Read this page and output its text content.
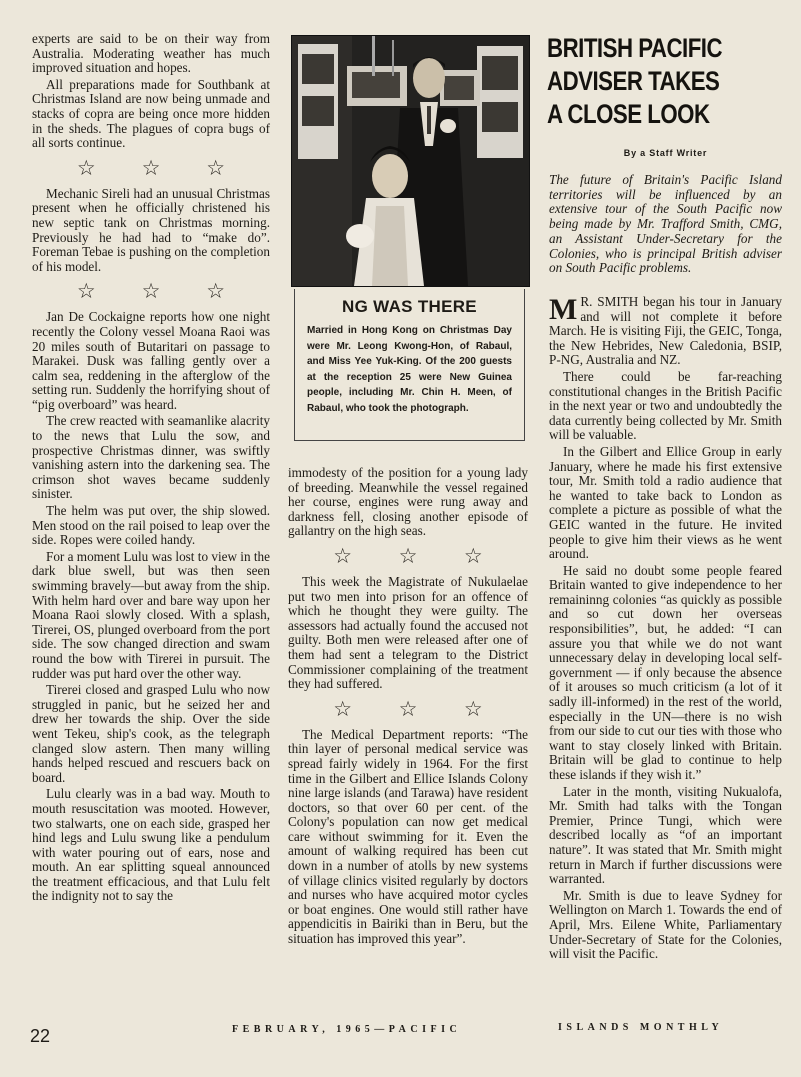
experts are said to be on their way from Australia. Moderating weather has much improved situation and hopes.

All preparations made for Southbank at Christmas Island are now being unmade and stacks of copra are being once more hidden in the sheds. The plagues of copra bugs of all sorts continue.

☆ ☆ ☆

Mechanic Sireli had an unusual Christmas present when he officially christened his new septic tank on Christmas morning. Previously he had had to “make do”. Foreman Tebae is pushing on the completion of his model.

☆ ☆ ☆

Jan De Cockaigne reports how one night recently the Colony vessel Moana Raoi was 20 miles south of Butaritari on passage to Marakei. Dusk was falling gently over a calm sea, reddening in the afterglow of the setting run. Suddenly the horrifying shout of “pig overboard” was heard.

The crew reacted with seamanlike alacrity to the news that Lulu the sow, and prospective Christmas dinner, was swiftly vanishing astern into the darkening sea. The crimson shot waves became suddenly sinister.

The helm was put over, the ship slowed. Men stood on the rail poised to leap over the side. Ropes were coiled handy.

For a moment Lulu was lost to view in the dark blue swell, but was then seen swimming bravely—but away from the ship. With helm hard over and bare way upon her Moana Raoi slowly closed. With a splash, Tirerei, OS, plunged overboard from the port side. The sow changed direction and swam round the bow with Tirerei in pursuit. The rudder was put hard over the other way.

Tirerei closed and grasped Lulu who now struggled in panic, but he seized her and drew her towards the ship. Over the side went Tekeu, ship's cook, as the telegraph clanged slow astern. Then many willing hands helped rescued and rescuers back on board.

Lulu clearly was in a bad way. Mouth to mouth resuscitation was mooted. However, two stalwarts, one on each side, grasped her hind legs and Lulu swung like a pendulum with water pouring out of ears, nose and mouth. An ear splitting squeal announced the treatment efficacious, and that Lulu felt the indignity not to say the

NG WAS THERE
Married in Hong Kong on Christmas Day were Mr. Leong Kwong-Hon, of Rabaul, and Miss Yee Yuk-King. Of the 200 guests at the reception 25 were New Guinea people, including Mr. Chin H. Meen, of Rabaul, who took the photograph.

immodesty of the position for a young lady of breeding. Meanwhile the vessel regained her course, engines were rung away and darkness fell, closing another episode of gallantry on the high seas.

☆ ☆ ☆

This week the Magistrate of Nukulaelae put two men into prison for an offence of which he thought they were guilty. The assessors had actually found the accused not guilty. Both men were released after one of them had sent a telegram to the District Commissioner complaining of the treatment they had suffered.

☆ ☆ ☆

The Medical Department reports: “The thin layer of personal medical service was spread fairly widely in 1964. For the first time in the Gilbert and Ellice Islands Colony nine large islands (and Tarawa) have resident doctors, so that over 60 per cent. of the Colony's population can now get medical care without swimming for it. Even the amount of walking required has been cut down in a number of atolls by new systems of village clinics visited regularly by doctors and nurses who have acquired motor cycles or boat engines. One would still rather have appendicitis in Bairiki than in Beru, but the situation has improved this year”.

BRITISH PACIFIC
ADVISER TAKES
A CLOSE LOOK
By a Staff Writer
The future of Britain's Pacific Island territories will be influenced by an extensive tour of the South Pacific now being made by Mr. Trafford Smith, CMG, an Assistant Under-Secretary for the Colonies, who is principal British adviser on South Pacific problems.

M R. SMITH began his tour in January and will not complete it before March. He is visiting Fiji, the GEIC, Tonga, the New Hebrides, New Caledonia, BSIP, P-NG, Australia and NZ.

There could be far-reaching constitutional changes in the British Pacific in the next year or two and undoubtedly the data currently being collected by Mr. Smith will be valuable.

In the Gilbert and Ellice Group in early January, where he made his first extensive tour, Mr. Smith told a radio audience that he wanted to take back to London as complete a picture as possible of what the GEIC wanted in the future. He invited people to give him their views as he went around.

He said no doubt some people feared Britain wanted to give independence to her remaininng colonies “as quickly as possible and so cut down her overseas responsibilities”, but, he added: “I can assure you that while we do not want unnecessary delay in developing local self-government — if only because the absence of it arouses so much criticism (a lot of it sadly ill-informed) in the rest of the world, especially in the UN—there is no wish from our side to cut our ties with those who want to stay closely linked with Britain. Britain will be glad to continue to help these islands if they wish it.”

Later in the month, visiting Nukualofa, Mr. Smith had talks with the Tongan Premier, Prince Tungi, which were described locally as “of an important nature”. It was stated that Mr. Smith might return in March if further discussions were warranted.

Mr. Smith is due to leave Sydney for Wellington on March 1. Towards the end of April, Mrs. Eilene White, Parliamentary Under-Secretary of State for the Colonies, will visit the Pacific.

22	FEBRUARY, 1965—PACIFIC	ISLANDS MONTHLY
